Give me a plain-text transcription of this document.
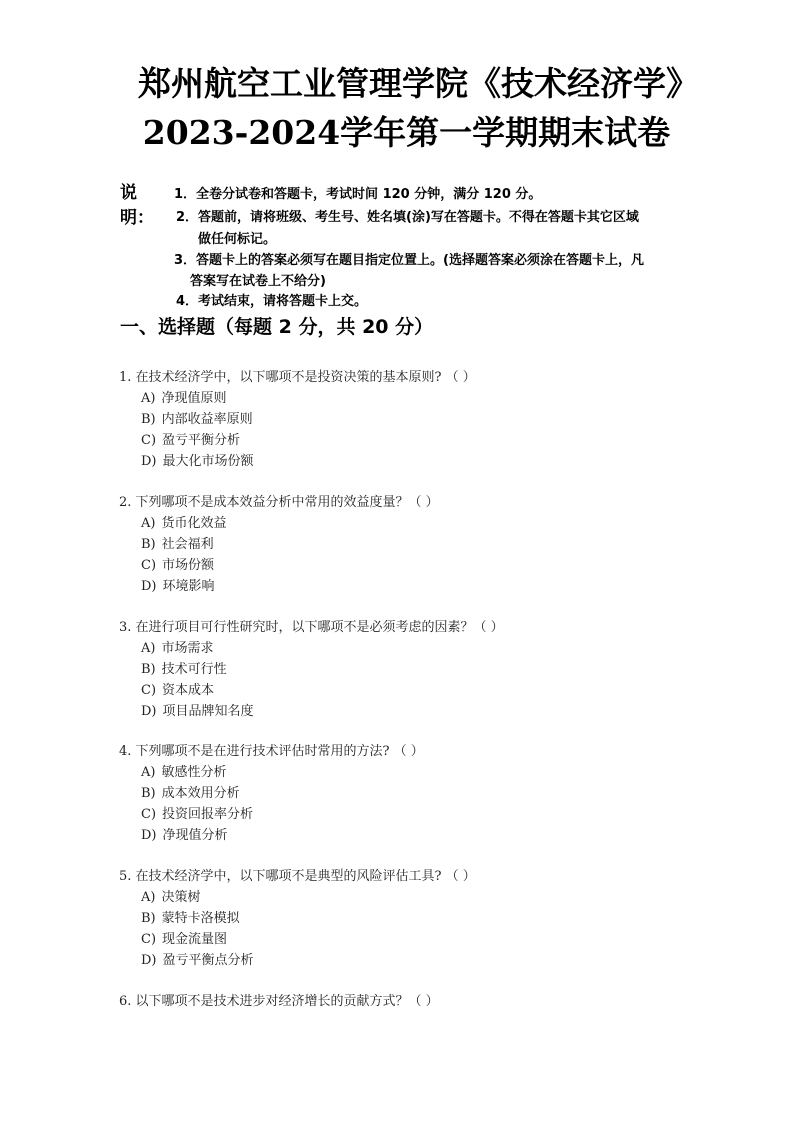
郑州航空工业管理学院《技术经济学》
2023-2024学年第一学期期末试卷
说明：
1．全卷分试卷和答题卡，考试时间 120 分钟，满分 120 分。
2．答题前，请将班级、考生号、姓名填(涂)写在答题卡。不得在答题卡其它区域
做任何标记。
3．答题卡上的答案必须写在题目指定位置上。(选择题答案必须涂在答题卡上，凡
答案写在试卷上不给分)
4．考试结束，请将答题卡上交。
一、选择题（每题 2 分，共 20 分）
1. 在技术经济学中，以下哪项不是投资决策的基本原则? （ ）
A) 净现值原则
B) 内部收益率原则
C) 盈亏平衡分析
D) 最大化市场份额
2. 下列哪项不是成本效益分析中常用的效益度量？（ ）
A) 货币化效益
B) 社会福利
C) 市场份额
D) 环境影响
3. 在进行项目可行性研究时，以下哪项不是必须考虑的因素？（ ）
A) 市场需求
B) 技术可行性
C) 资本成本
D) 项目品牌知名度
4. 下列哪项不是在进行技术评估时常用的方法? （ ）
A) 敏感性分析
B) 成本效用分析
C) 投资回报率分析
D) 净现值分析
5. 在技术经济学中，以下哪项不是典型的风险评估工具? （ ）
A) 决策树
B) 蒙特卡洛模拟
C) 现金流量图
D) 盈亏平衡点分析
6. 以下哪项不是技术进步对经济增长的贡献方式？（ ）
